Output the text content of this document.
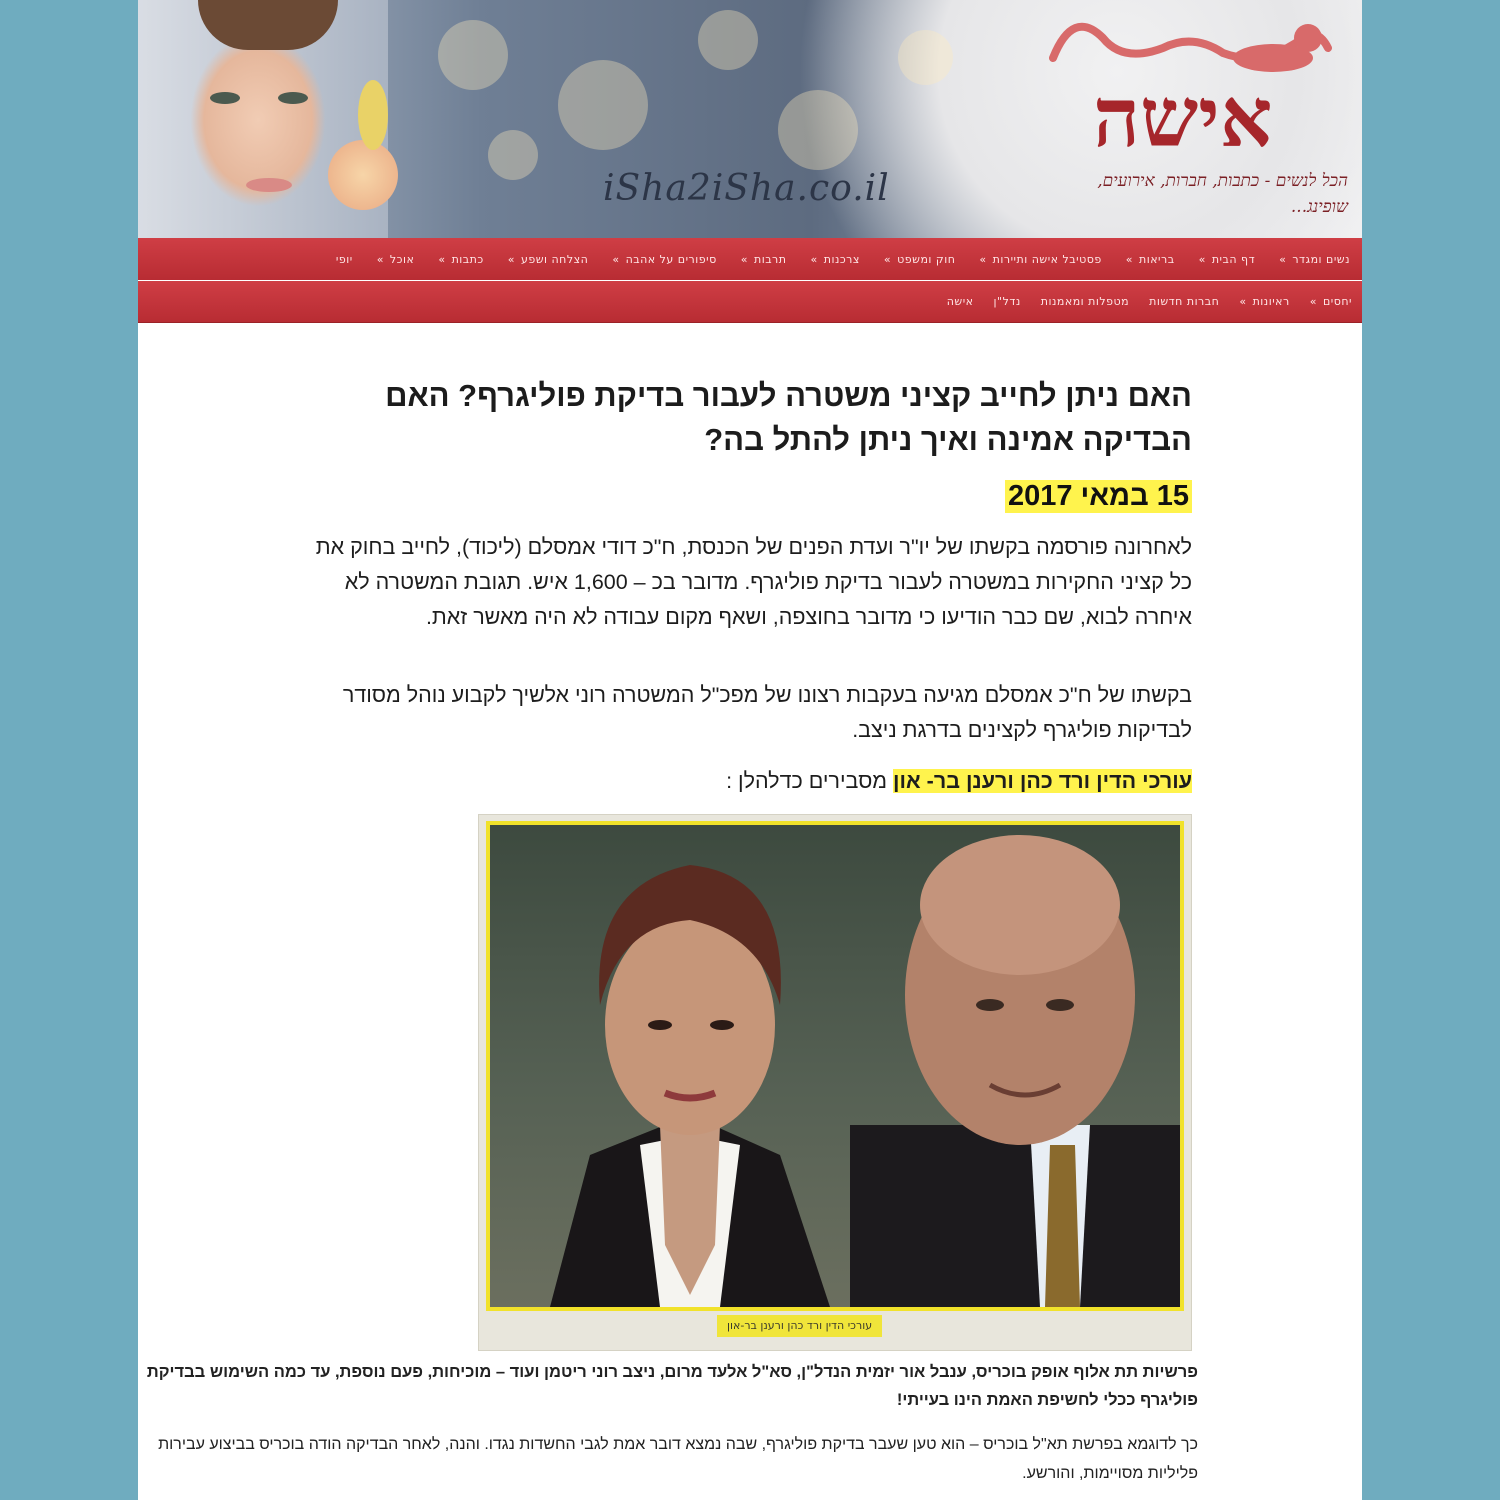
iSha2iSha.co.il
אישה
הכל לנשים - כתבות, חברות, אירועים, שופינג...
נשים ומגדר»
דף הבית»
בריאות»
פסטיבל אישה ותיירות»
חוק ומשפט»
צרכנות»
תרבות»
סיפורים על אהבה»
הצלחה ושפע»
כתבות»
אוכל»
יופי
יחסים»
ראיונות»
חברות חדשות
מטפלות ומאמנות
נדל"ן
אישה
האם ניתן לחייב קציני משטרה לעבור בדיקת פוליגרף? האם הבדיקה אמינה ואיך ניתן להתל בה?
15 במאי 2017

לאחרונה פורסמה בקשתו של יו"ר ועדת הפנים של הכנסת, ח"כ דודי אמסלם (ליכוד), לחייב בחוק את כל קציני החקירות במשטרה לעבור בדיקת פוליגרף. מדובר בכ – 1,600 איש. תגובת המשטרה לא איחרה לבוא, שם כבר הודיעו כי מדובר בחוצפה, ושאף מקום עבודה לא היה מאשר זאת.

בקשתו של ח"כ אמסלם מגיעה בעקבות רצונו של מפכ"ל המשטרה רוני אלשיך לקבוע נוהל מסודר לבדיקות פוליגרף לקצינים בדרגת ניצב.

עורכי הדין ורד כהן ורענן בר- און מסבירים כדלהלן :

עורכי הדין ורד כהן ורענן בר-און

פרשיות תת אלוף אופק בוכריס, ענבל אור יזמית הנדל"ן, סא"ל אלעד מרום, ניצב רוני ריטמן ועוד – מוכיחות, פעם נוספת, עד כמה השימוש בבדיקת פוליגרף ככלי לחשיפת האמת הינו בעייתי!

כך לדוגמא בפרשת תא"ל בוכריס – הוא טען שעבר בדיקת פוליגרף, שבה נמצא דובר אמת לגבי החשדות נגדו. והנה, לאחר הבדיקה הודה בוכריס בביצוע עבירות פליליות מסויימות, והורשע.
